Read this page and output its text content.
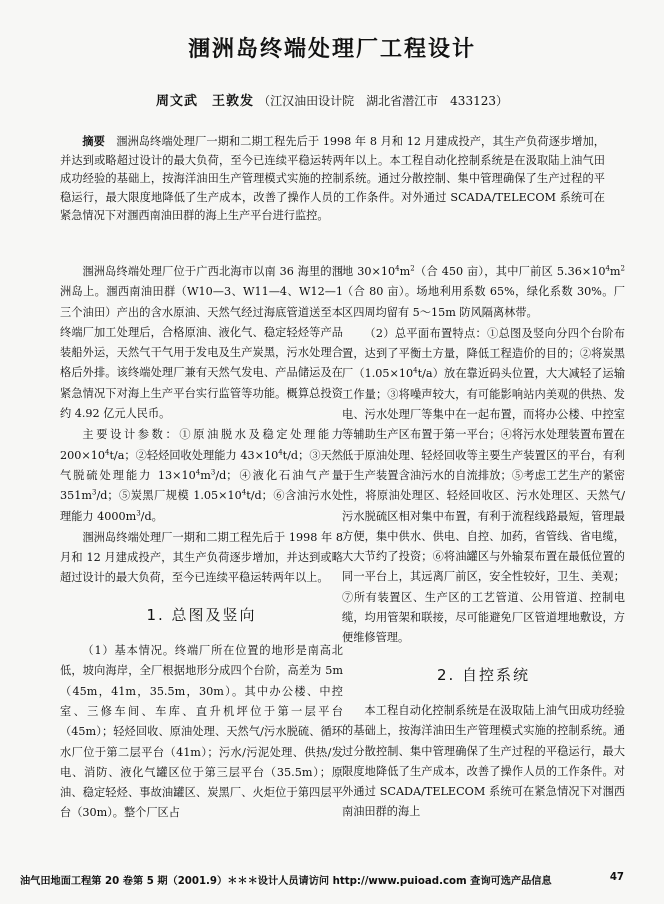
涠洲岛终端处理厂工程设计
周文武　王敦发 （江汉油田设计院　湖北省潜江市　433123）
摘要　 涠洲岛终端处理厂一期和二期工程先后于 1998 年 8 月和 12 月建成投产，其生产负荷逐步增加，并达到或略超过设计的最大负荷，至今已连续平稳运转两年以上。本工程自动化控制系统是在汲取陆上油气田成功经验的基础上，按海洋油田生产管理模式实施的控制系统。通过分散控制、集中管理确保了生产过程的平稳运行，最大限度地降低了生产成本，改善了操作人员的工作条件。对外通过 SCADA/TELECOM 系统可在紧急情况下对涠西南油田群的海上生产平台进行监控。

涠洲岛终端处理厂位于广西北海市以南 36 海里的涠洲岛上。涠西南油田群（W10—3、W11—4、W12—1 三个油田）产出的含水原油、天然气经过海底管道送至本终端厂加工处理后，合格原油、液化气、稳定轻烃等产品装船外运，天然气干气用于发电及生产炭黑，污水处理合格后外排。该终端处理厂兼有天然气发电、产品储运及在紧急情况下对海上生产平台实行监管等功能。概算总投资约 4.92 亿元人民币。

主要设计参数：①原油脱水及稳定处理能力 $200\times 10^4t/a$；②轻烃回收处理能力 $43\times 10^4t/d$；③天然气脱硫处理能力 $13\times 10^4m^3/d$；④液化石油气产量 $351m^3/d$；⑤炭黑厂规模 $1.05\times 10^4t/d$；⑥含油污水处理能力 $4000m^3/d$。

涠洲岛终端处理厂一期和二期工程先后于 1998 年 8 月和 12 月建成投产，其生产负荷逐步增加，并达到或略超过设计的最大负荷，至今已连续平稳运转两年以上。

1. 总图及竖向

（1）基本情况。终端厂所在位置的地形是南高北低，坡向海岸，全厂根据地形分成四个台阶，高差为 5m（45m，41m，35.5m，30m）。其中办公楼、中控室、三修车间、车库、直升机坪位于第一层平台（45m）；轻烃回收、原油处理、天然气/污水脱硫、循环水厂位于第二层平台（41m）；污水/污泥处理、供热/发电、消防、液化气罐区位于第三层平台（35.5m）；原油、稳定轻烃、事故油罐区、炭黑厂、火炬位于第四层平台（30m）。整个厂区占

地 $30\times 10^4m^2$（合 450 亩），其中厂前区 $5.36\times 10^4m^2$（合 80 亩）。场地利用系数 65%，绿化系数 30%。厂区四周均留有 5～15m 防风隔离林带。

（2）总平面布置特点：①总图及竖向分四个台阶布置，达到了平衡土方量，降低工程造价的目的；②将炭黑厂$(1.05\times 10^4t/a)$放在靠近码头位置，大大减轻了运输工作量；③将噪声较大，有可能影响站内美观的供热、发电、污水处理厂等集中在一起布置，而将办公楼、中控室等辅助生产区布置于第一平台；④将污水处理装置布置在低于原油处理、轻烃回收等主要生产装置区的平台，有利于生产装置含油污水的自流排放；⑤考虑工艺生产的紧密性，将原油处理区、轻烃回收区、污水处理区、天然气/污水脱硫区相对集中布置，有利于流程线路最短，管理最方便，集中供水、供电、自控、加药，省管线、省电缆，大大节约了投资；⑥将油罐区与外输泵布置在最低位置的同一平台上，其远离厂前区，安全性较好，卫生、美观；⑦所有装置区、生产区的工艺管道、公用管道、控制电缆，均用管架和联接，尽可能避免厂区管道埋地敷设，方便维修管理。

2. 自控系统

本工程自动化控制系统是在汲取陆上油气田成功经验的基础上，按海洋油田生产管理模式实施的控制系统。通过分散控制、集中管理确保了生产过程的平稳运行，最大限度地降低了生产成本，改善了操作人员的工作条件。对外通过 SCADA/TELECOM 系统可在紧急情况下对涠西南油田群的海上

油气田地面工程第 20 卷第 5 期（2001.9）＊＊＊设计人员请访问 http://www.puioad.com 查询可选产品信息	47
